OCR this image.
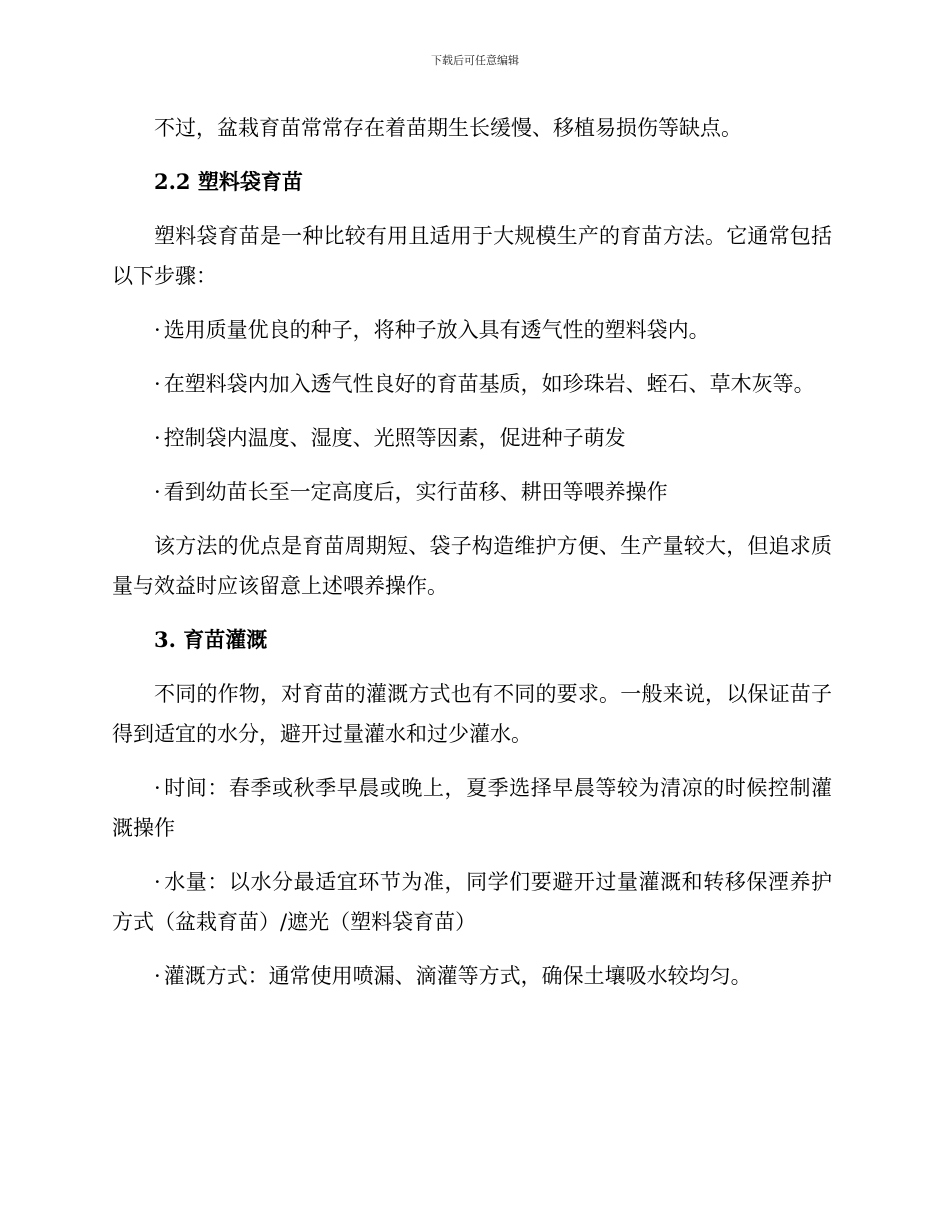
下载后可任意编辑

不过，盆栽育苗常常存在着苗期生长缓慢、移植易损伤等缺点。

2.2 塑料袋育苗

塑料袋育苗是一种比较有用且适用于大规模生产的育苗方法。它通常包括以下步骤：

· 选用质量优良的种子，将种子放入具有透气性的塑料袋内。

· 在塑料袋内加入透气性良好的育苗基质，如珍珠岩、蛭石、草木灰等。

· 控制袋内温度、湿度、光照等因素，促进种子萌发

· 看到幼苗长至一定高度后，实行苗移、耕田等喂养操作

该方法的优点是育苗周期短、袋子构造维护方便、生产量较大，但追求质量与效益时应该留意上述喂养操作。

3. 育苗灌溉

不同的作物，对育苗的灌溉方式也有不同的要求。一般来说，以保证苗子得到适宜的水分，避开过量灌水和过少灌水。

· 时间：春季或秋季早晨或晚上，夏季选择早晨等较为清凉的时候控制灌溉操作

· 水量：以水分最适宜环节为准，同学们要避开过量灌溉和转移保湮养护方式（盆栽育苗）/遮光（塑料袋育苗）

· 灌溉方式：通常使用喷漏、滴灌等方式，确保土壤吸水较均匀。
